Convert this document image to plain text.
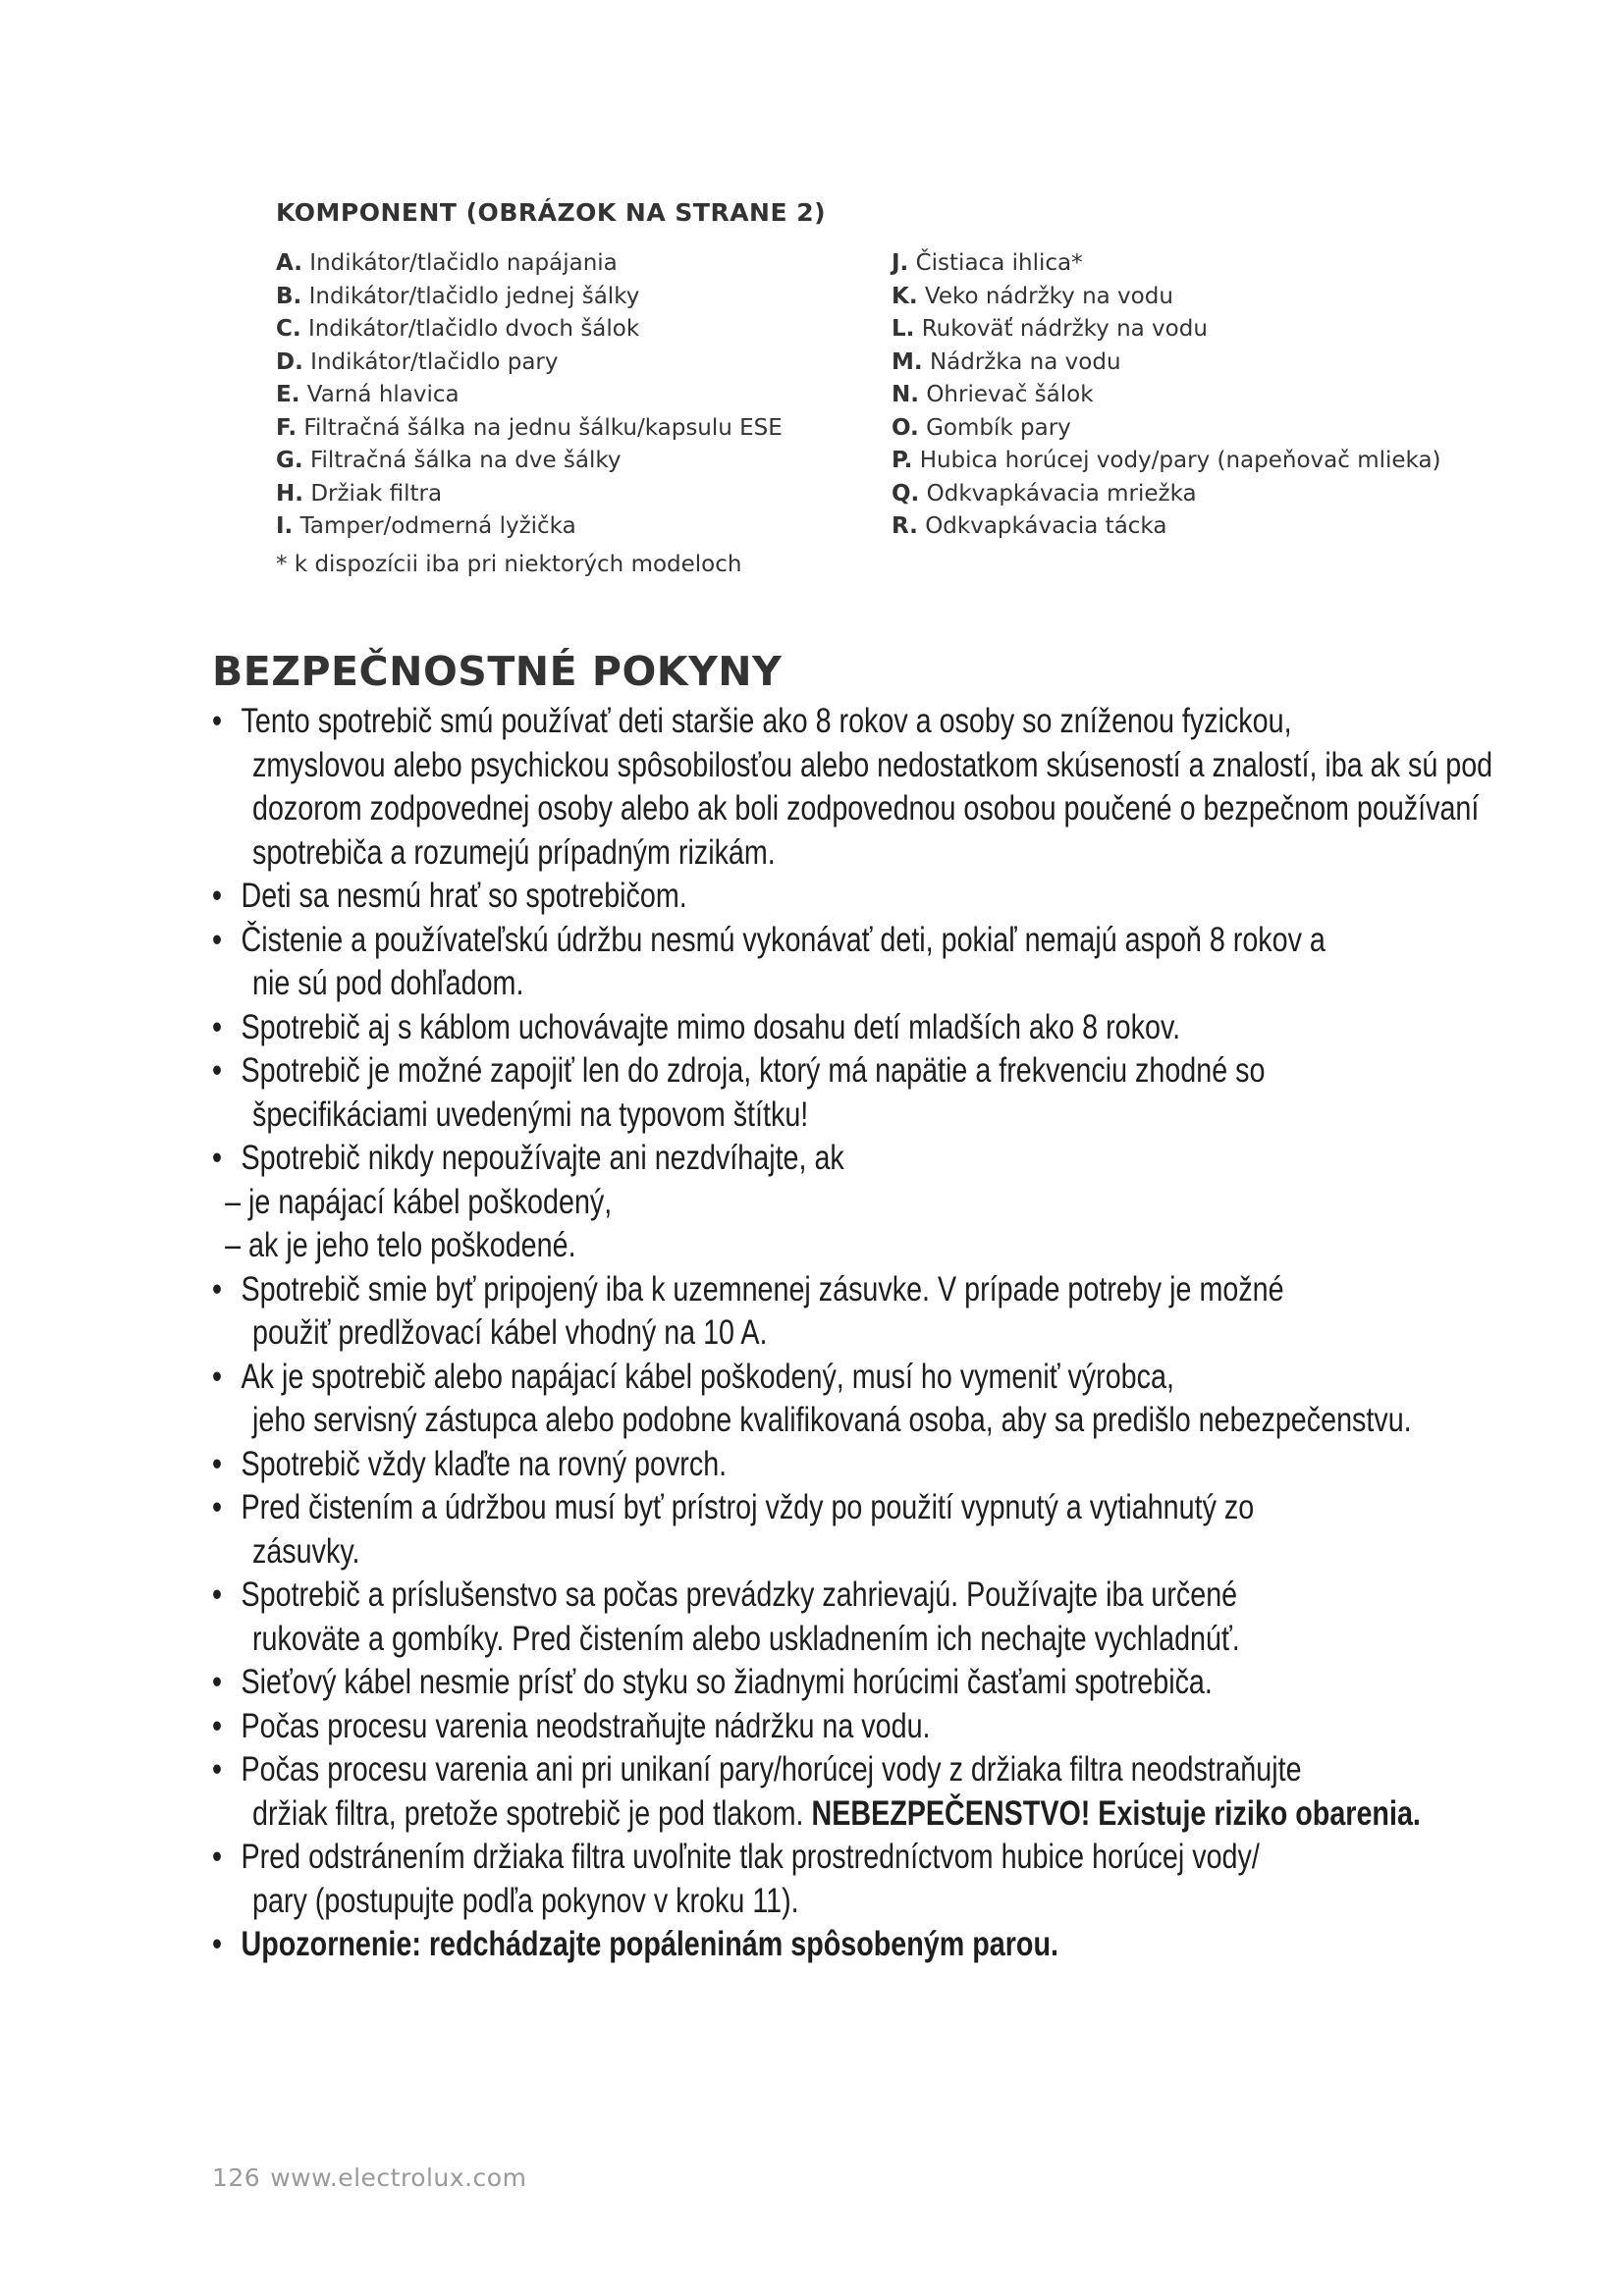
KOMPONENT (OBRÁZOK NA STRANE 2)
A. Indikátor/tlačidlo napájania
B. Indikátor/tlačidlo jednej šálky
C. Indikátor/tlačidlo dvoch šálok
D. Indikátor/tlačidlo pary
E. Varná hlavica
F. Filtračná šálka na jednu šálku/kapsulu ESE
G. Filtračná šálka na dve šálky
H. Držiak filtra
I. Tamper/odmerná lyžička
J. Čistiaca ihlica*
K. Veko nádržky na vodu
L. Rukoväť nádržky na vodu
M. Nádržka na vodu
N. Ohrievač šálok
O. Gombík pary
P. Hubica horúcej vody/pary (napeňovač mlieka)
Q. Odkvapkávacia mriežka
R. Odkvapkávacia tácka
* k dispozícii iba pri niektorých modeloch
BEZPEČNOSTNÉ POKYNY
• Tento spotrebič smú používať deti staršie ako 8 rokov a osoby so zníženou fyzickou,
zmyslovou alebo psychickou spôsobilosťou alebo nedostatkom skúseností a znalostí, iba ak sú pod dozorom zodpovednej osoby alebo ak boli zodpovednou osobou poučené o bezpečnom používaní spotrebiča a rozumejú prípadným rizikám.
• Deti sa nesmú hrať so spotrebičom.
• Čistenie a používateľskú údržbu nesmú vykonávať deti, pokiaľ nemajú aspoň 8 rokov a
nie sú pod dohľadom.
• Spotrebič aj s káblom uchovávajte mimo dosahu detí mladších ako 8 rokov.
• Spotrebič je možné zapojiť len do zdroja, ktorý má napätie a frekvenciu zhodné so
špecifikáciami uvedenými na typovom štítku!
• Spotrebič nikdy nepoužívajte ani nezdvíhajte, ak
– je napájací kábel poškodený,
– ak je jeho telo poškodené.
• Spotrebič smie byť pripojený iba k uzemnenej zásuvke. V prípade potreby je možné
použiť predlžovací kábel vhodný na 10 A.
• Ak je spotrebič alebo napájací kábel poškodený, musí ho vymeniť výrobca,
jeho servisný zástupca alebo podobne kvalifikovaná osoba, aby sa predišlo nebezpečenstvu.
• Spotrebič vždy klaďte na rovný povrch.
• Pred čistením a údržbou musí byť prístroj vždy po použití vypnutý a vytiahnutý zo
zásuvky.
• Spotrebič a príslušenstvo sa počas prevádzky zahrievajú. Používajte iba určené
rukoväte a gombíky. Pred čistením alebo uskladnením ich nechajte vychladnúť.
• Sieťový kábel nesmie prísť do styku so žiadnymi horúcimi časťami spotrebiča.
• Počas procesu varenia neodstraňujte nádržku na vodu.
• Počas procesu varenia ani pri unikaní pary/horúcej vody z držiaka filtra neodstraňujte
držiak filtra, pretože spotrebič je pod tlakom. NEBEZPEČENSTVO! Existuje riziko obarenia.
• Pred odstránením držiaka filtra uvoľnite tlak prostredníctvom hubice horúcej vody/
pary (postupujte podľa pokynov v kroku 11).
• Upozornenie: redchádzajte popáleninám spôsobeným parou.
126 www.electrolux.com
